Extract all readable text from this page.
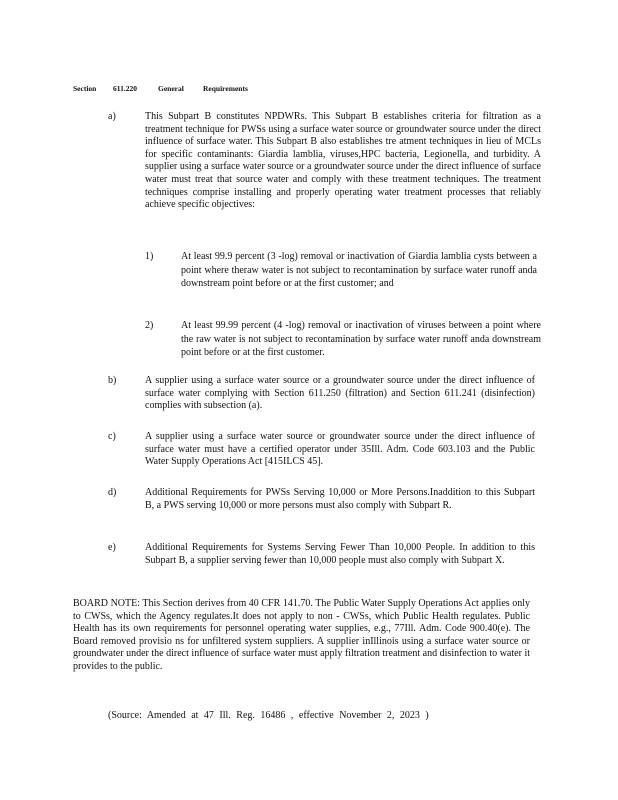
Section 611.220	General	Requirements
a)	This Subpart B constitutes NPDWRs. This Subpart B establishes criteria for filtration as a treatment technique for PWSs using a surface water source or groundwater source under the direct influence of surface water. This Subpart B also establishes tre atment techniques in lieu of MCLs for specific contaminants: Giardia lamblia, viruses,HPC bacteria, Legionella, and turbidity. A supplier using a surface water source or a groundwater source under the direct influence of surface water must treat that source water and comply with these treatment techniques. The treatment techniques comprise installing and properly operating water treatment processes that reliably achieve specific objectives:
1)	At least 99.9 percent (3 -log) removal or inactivation of Giardia lamblia cysts between a point where theraw water is not subject to recontamination by surface water runoff anda downstream point before or at the first customer; and
2)	At least 99.99 percent (4 -log) removal or inactivation of viruses between a point where the raw water is not subject to recontamination by surface water runoff anda downstream point before or at the first customer.
b)	A supplier using a surface water source or a groundwater source under the direct influence of surface water complying with Section 611.250 (filtration) and Section 611.241 (disinfection) complies with subsection (a).
c)	A supplier using a surface water source or groundwater source under the direct influence of surface water must have a certified operator under 35Ill. Adm. Code 603.103 and the Public Water Supply Operations Act [415ILCS 45].
d)	Additional Requirements for PWSs Serving 10,000 or More Persons.Inaddition to this Subpart B, a PWS serving 10,000 or more persons must also comply with Subpart R.
e)	Additional Requirements for Systems Serving Fewer Than 10,000 People. In addition to this Subpart B, a supplier serving fewer than 10,000 people must also comply with Subpart X.
BOARD NOTE: This Section derives from 40 CFR 141.70. The Public Water Supply Operations Act applies only to CWSs, which the Agency regulates.It does not apply to non - CWSs, which Public Health regulates. Public Health has its own requirements for personnel operating water supplies, e.g., 77Ill. Adm. Code 900.40(e). The Board removed provisio ns for unfiltered system suppliers. A supplier inIllinois using a surface water source or groundwater under the direct influence of surface water must apply filtration treatment and disinfection to water it provides to the public.
(Source: Amended at 47 Ill. Reg. 16486 , effective November 2, 2023 )
